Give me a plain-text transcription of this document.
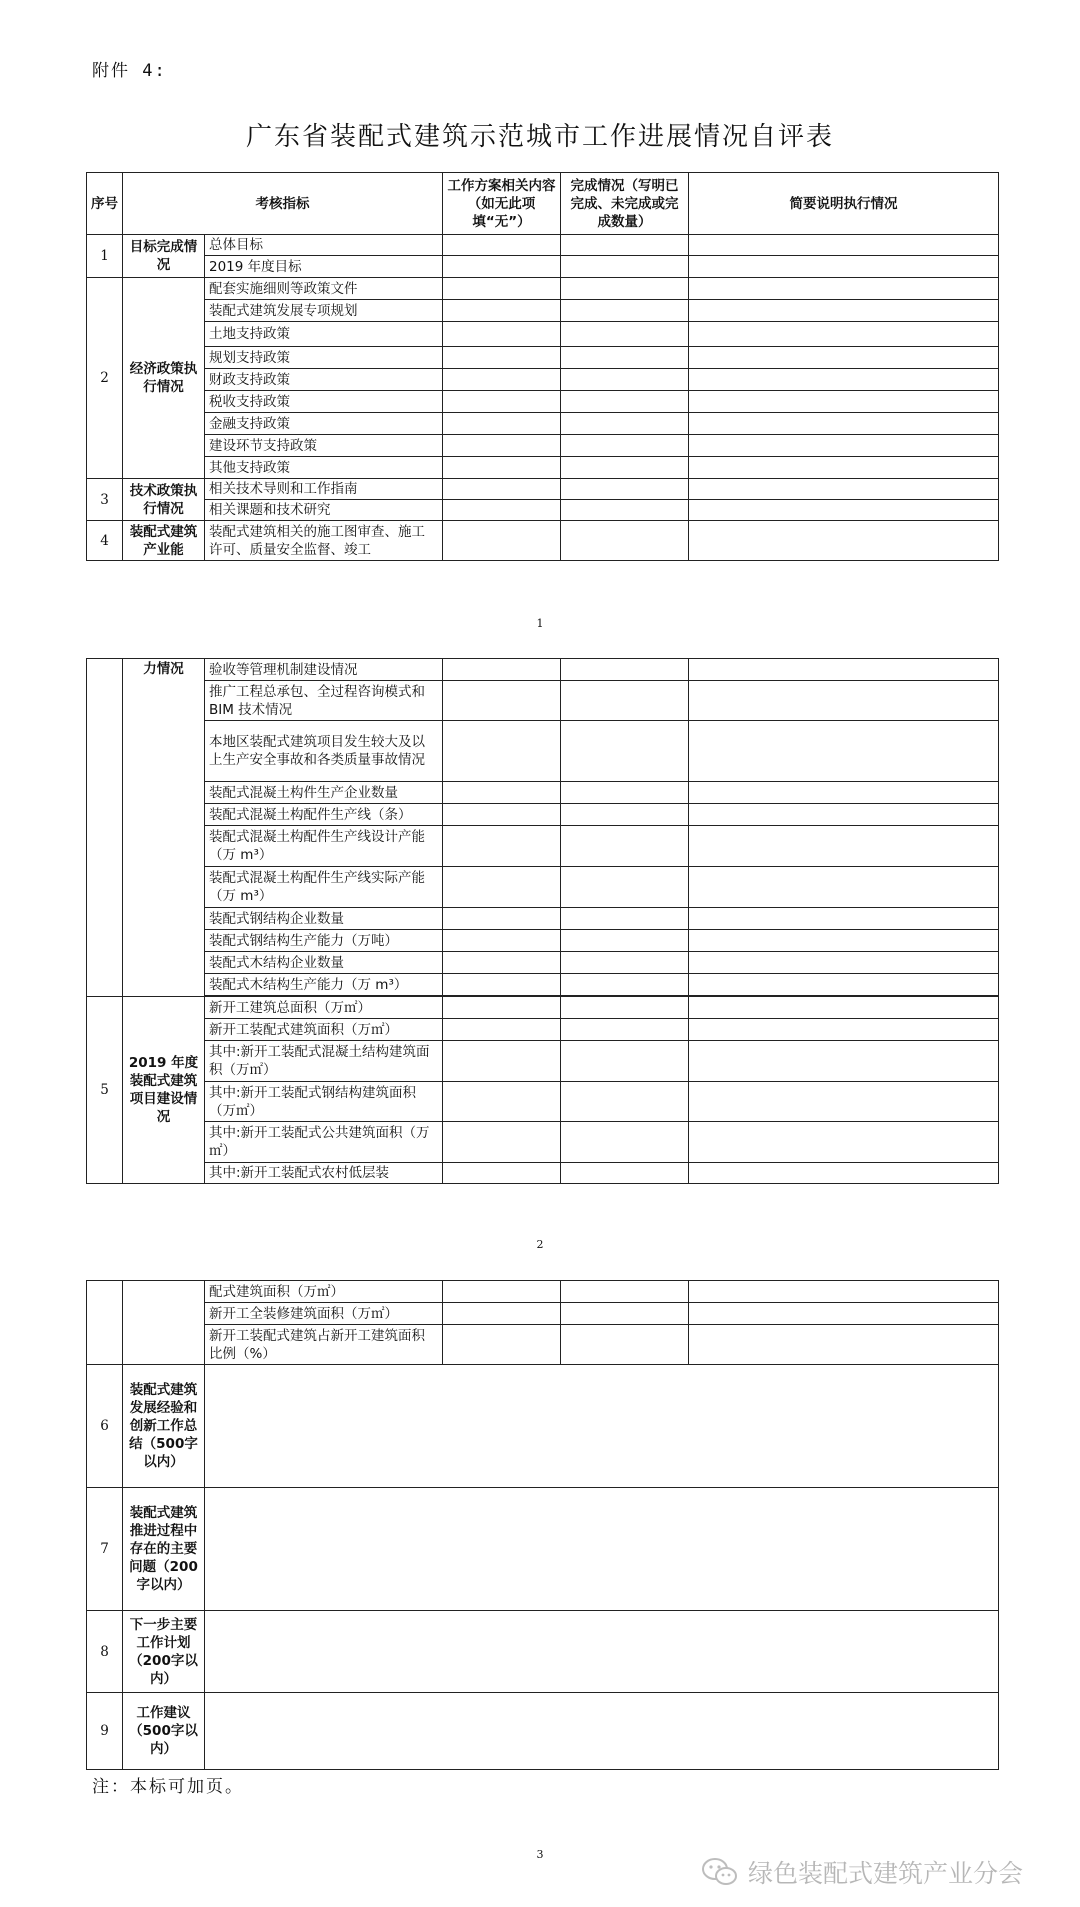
附件 4:
广东省装配式建筑示范城市工作进展情况自评表
序号	考核指标		工作方案相关内容（如无此项填“无”）	完成情况（写明已完成、未完成或完成数量）	简要说明执行情况
1	目标完成情况	总体目标			
		2019 年度目标			
2	经济政策执行情况	配套实施细则等政策文件			
		装配式建筑发展专项规划			
		土地支持政策			
		规划支持政策			
		财政支持政策			
		税收支持政策			
		金融支持政策			
		建设环节支持政策			
		其他支持政策			
3	技术政策执行情况	相关技术导则和工作指南			
		相关课题和技术研究			
4	装配式建筑产业能	装配式建筑相关的施工图审查、施工许可、质量安全监督、竣工			
1
	力情况	验收等管理机制建设情况			
		推广工程总承包、全过程咨询模式和 BIM 技术情况			
		本地区装配式建筑项目发生较大及以上生产安全事故和各类质量事故情况			
		装配式混凝土构件生产企业数量			
		装配式混凝土构配件生产线（条）			
		装配式混凝土构配件生产线设计产能（万 m³）			
		装配式混凝土构配件生产线实际产能（万 m³）			
		装配式钢结构企业数量			
		装配式钢结构生产能力（万吨）			
		装配式木结构企业数量			
		装配式木结构生产能力（万 m³）			

5	2019 年度装配式建筑项目建设情况	新开工建筑总面积（万㎡）			
		新开工装配式建筑面积（万㎡）			
		其中:新开工装配式混凝土结构建筑面积（万㎡）			
		其中:新开工装配式钢结构建筑面积（万㎡）			
		其中:新开工装配式公共建筑面积（万㎡）			
		其中:新开工装配式农村低层装			
2
		配式建筑面积（万㎡）			
		新开工全装修建筑面积（万㎡）			
		新开工装配式建筑占新开工建筑面积比例（%）			
6	装配式建筑发展经验和创新工作总结（500字以内）				
7	装配式建筑推进过程中存在的主要问题（200字以内）				
8	下一步主要工作计划（200字以内）				
9	工作建议（500字以内）				
注：本标可加页。
3
绿色装配式建筑产业分会
